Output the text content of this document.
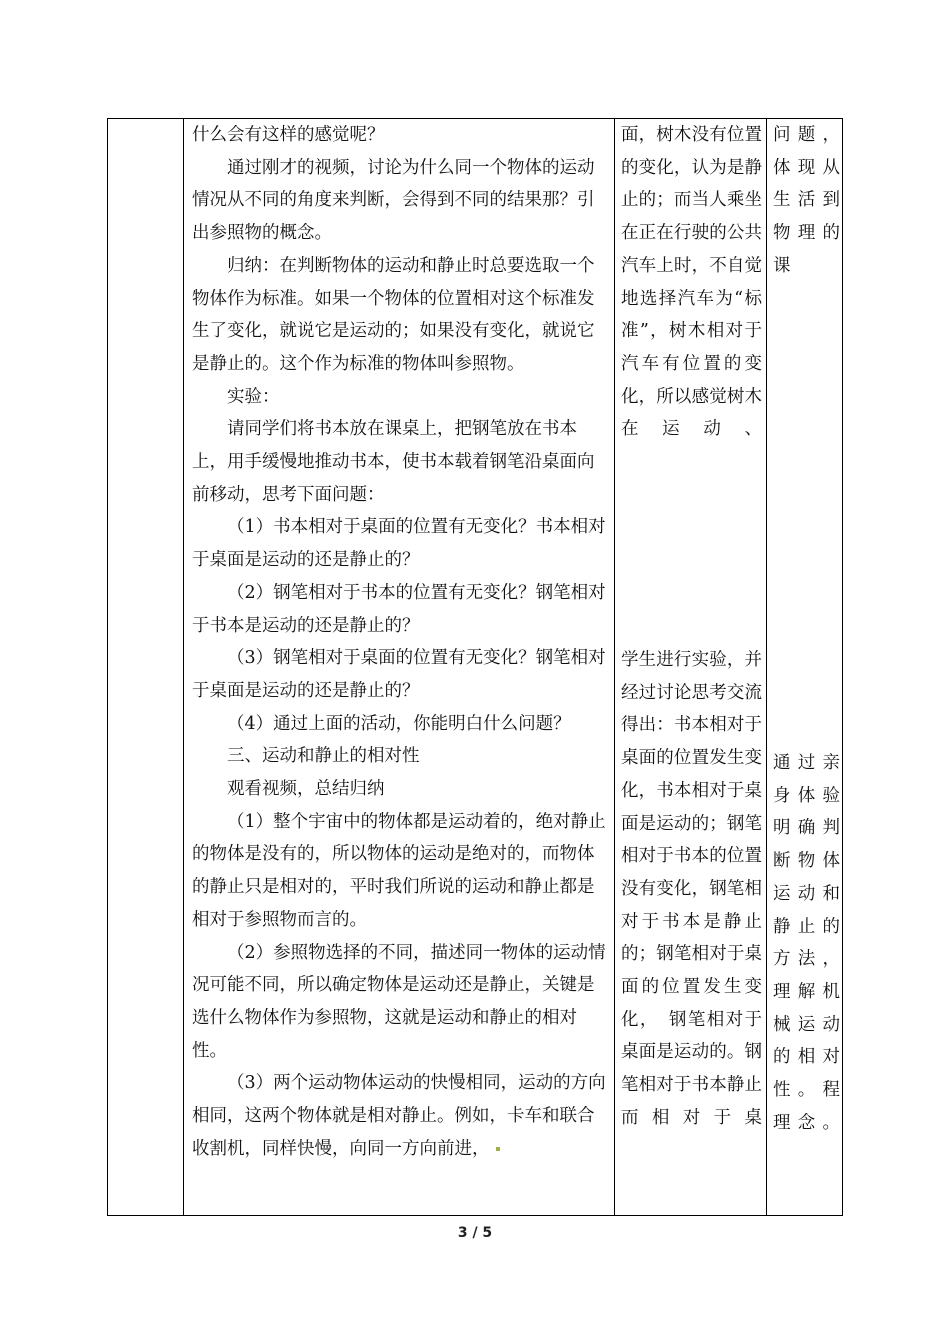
什么会有这样的感觉呢？

通过刚才的视频，讨论为什么同一个物体的运动情况从不同的角度来判断，会得到不同的结果那？引出参照物的概念。

归纳：在判断物体的运动和静止时总要选取一个物体作为标准。如果一个物体的位置相对这个标准发生了变化，就说它是运动的；如果没有变化，就说它是静止的。这个作为标准的物体叫参照物。

实验：

请同学们将书本放在课桌上，把钢笔放在书本上，用手缓慢地推动书本，使书本载着钢笔沿桌面向前移动，思考下面问题：

（1）书本相对于桌面的位置有无变化？书本相对于桌面是运动的还是静止的？

（2）钢笔相对于书本的位置有无变化？钢笔相对于书本是运动的还是静止的？

（3）钢笔相对于桌面的位置有无变化？钢笔相对于桌面是运动的还是静止的？

（4）通过上面的活动，你能明白什么问题？

三、运动和静止的相对性

观看视频，总结归纳

（1）整个宇宙中的物体都是运动着的，绝对静止的物体是没有的，所以物体的运动是绝对的，而物体的静止只是相对的，平时我们所说的运动和静止都是相对于参照物而言的。

（2）参照物选择的不同，描述同一物体的运动情况可能不同，所以确定物体是运动还是静止，关键是选什么物体作为参照物，这就是运动和静止的相对性。

（3）两个运动物体运动的快慢相同，运动的方向相同，这两个物体就是相对静止。例如，卡车和联合收割机，同样快慢，向同一方向前进，

面，树木没有位置的变化，认为是静止的；而当人乘坐在正在行驶的公共汽车上时，不自觉地选择汽车为“标准”，树木相对于汽车有位置的变化，所以感觉树木在运动、

学生进行实验，并经过讨论思考交流得出：书本相对于桌面的位置发生变化，书本相对于桌面是运动的；钢笔相对于书本的位置没有变化，钢笔相对于书本是静止的；钢笔相对于桌面的位置发生变化，　钢笔相对于桌面是运动的。钢笔相对于书本静止而相对于桌

问题，体现从生活到物理的课

通过亲身体验明确判断物体运动和静止的方法，理解机械运动的相对性。程　理念。

3 / 5
